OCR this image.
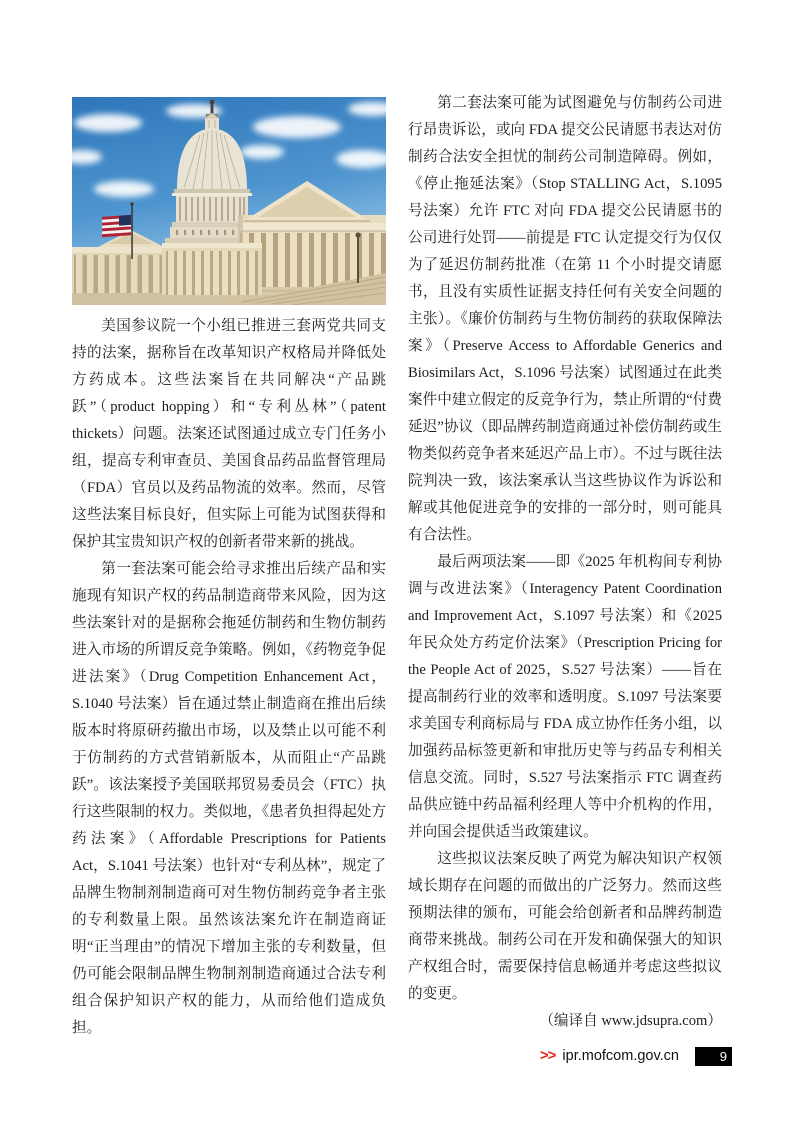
美国参议院一个小组已推进三套两党共同支持的法案，据称旨在改革知识产权格局并降低处方药成本。这些法案旨在共同解决“产品跳跃”（product hopping）和“专利丛林”（patent thickets）问题。法案还试图通过成立专门任务小组，提高专利审查员、美国食品药品监督管理局（FDA）官员以及药品物流的效率。然而，尽管这些法案目标良好，但实际上可能为试图获得和保护其宝贵知识产权的创新者带来新的挑战。

第一套法案可能会给寻求推出后续产品和实施现有知识产权的药品制造商带来风险，因为这些法案针对的是据称会拖延仿制药和生物仿制药进入市场的所谓反竞争策略。例如，《药物竞争促进法案》（Drug Competition Enhancement Act，S.1040 号法案）旨在通过禁止制造商在推出后续版本时将原研药撤出市场，以及禁止以可能不利于仿制药的方式营销新版本，从而阻止“产品跳跃”。该法案授予美国联邦贸易委员会（FTC）执行这些限制的权力。类似地，《患者负担得起处方药法案》（Affordable Prescriptions for Patients Act，S.1041 号法案）也针对“专利丛林”，规定了品牌生物制剂制造商可对生物仿制药竞争者主张的专利数量上限。虽然该法案允许在制造商证明“正当理由”的情况下增加主张的专利数量，但仍可能会限制品牌生物制剂制造商通过合法专利组合保护知识产权的能力，从而给他们造成负担。

第二套法案可能为试图避免与仿制药公司进行昂贵诉讼，或向 FDA 提交公民请愿书表达对仿制药合法安全担忧的制药公司制造障碍。例如，《停止拖延法案》（Stop STALLING Act，S.1095 号法案）允许 FTC 对向 FDA 提交公民请愿书的公司进行处罚——前提是 FTC 认定提交行为仅仅为了延迟仿制药批准（在第 11 个小时提交请愿书，且没有实质性证据支持任何有关安全问题的主张）。《廉价仿制药与生物仿制药的获取保障法案》（Preserve Access to Affordable Generics and Biosimilars Act，S.1096 号法案）试图通过在此类案件中建立假定的反竞争行为，禁止所谓的“付费延迟”协议（即品牌药制造商通过补偿仿制药或生物类似药竞争者来延迟产品上市）。不过与既往法院判决一致，该法案承认当这些协议作为诉讼和解或其他促进竞争的安排的一部分时，则可能具有合法性。

最后两项法案——即《2025 年机构间专利协调与改进法案》（Interagency Patent Coordination and Improvement Act，S.1097 号法案）和《2025 年民众处方药定价法案》（Prescription Pricing for the People Act of 2025，S.527 号法案）——旨在提高制药行业的效率和透明度。S.1097 号法案要求美国专利商标局与 FDA 成立协作任务小组，以加强药品标签更新和审批历史等与药品专利相关信息交流。同时，S.527 号法案指示 FTC 调查药品供应链中药品福利经理人等中介机构的作用，并向国会提供适当政策建议。

这些拟议法案反映了两党为解决知识产权领域长期存在问题的而做出的广泛努力。然而这些预期法律的颁布，可能会给创新者和品牌药制造商带来挑战。制药公司在开发和确保强大的知识产权组合时，需要保持信息畅通并考虑这些拟议的变更。

（编译自 www.jdsupra.com）

>> ipr.mofcom.gov.cn	9
